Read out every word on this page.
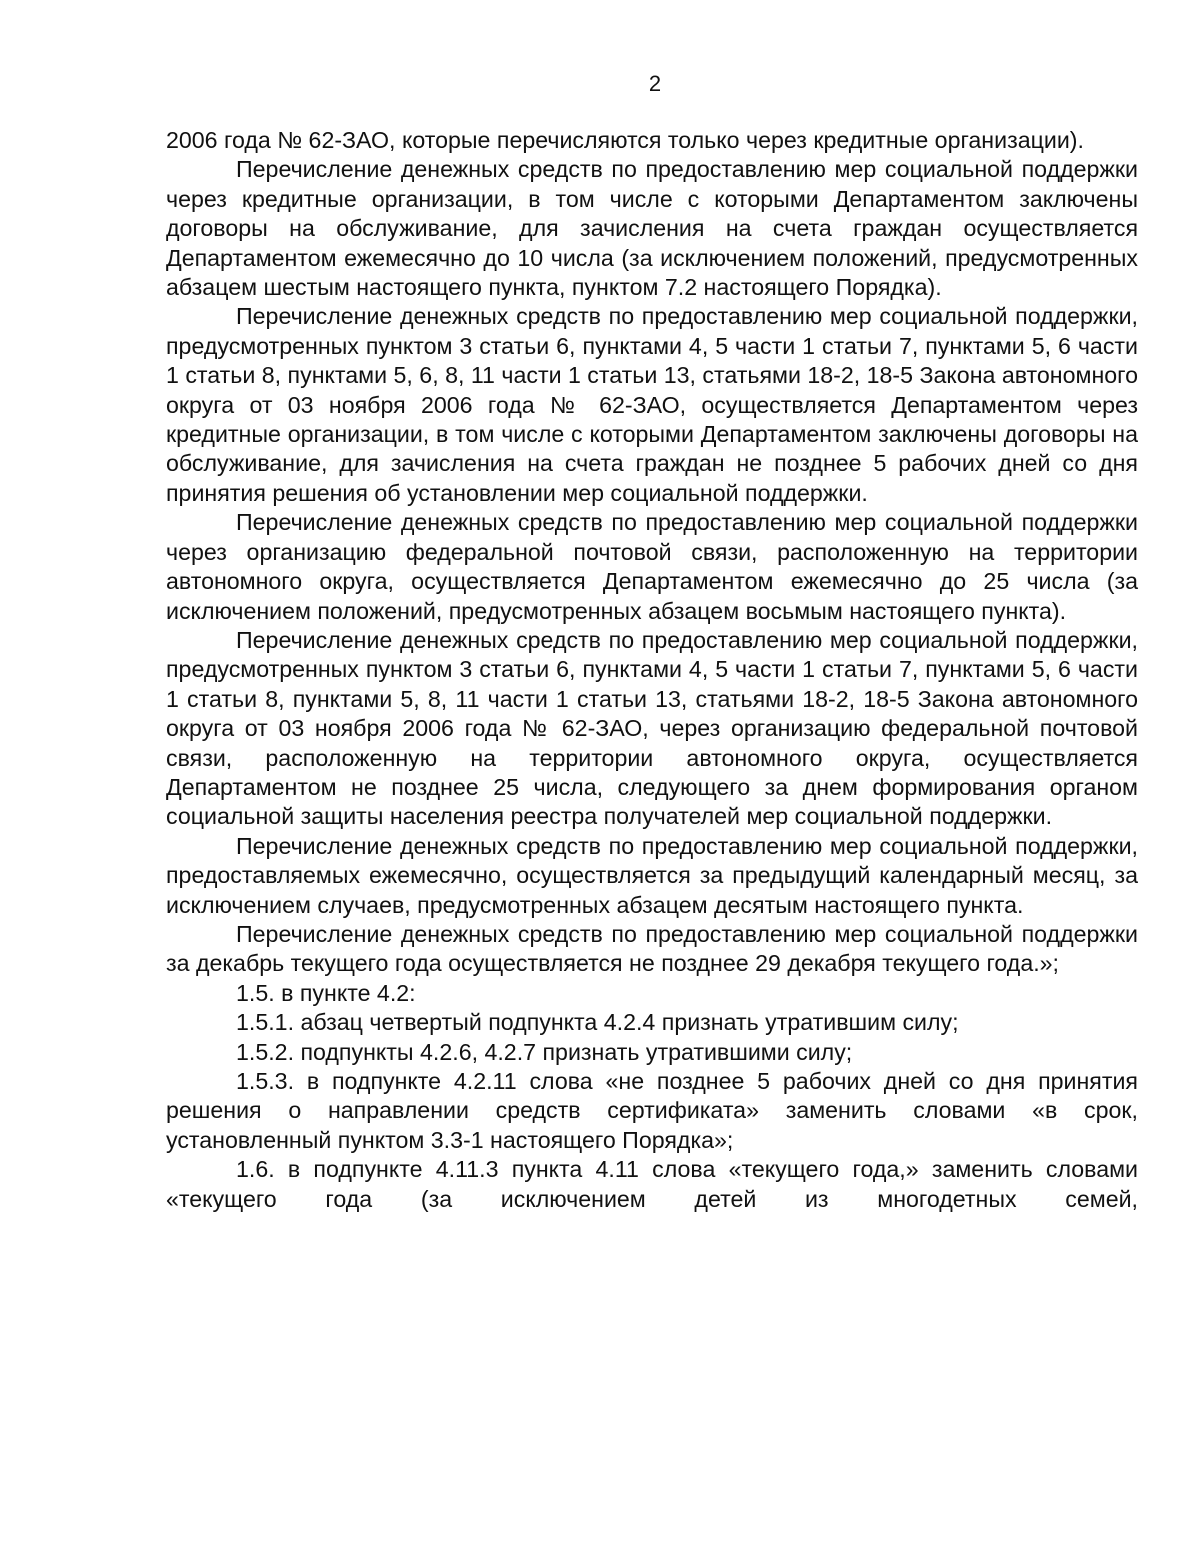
2

2006 года № 62-ЗАО, которые перечисляются только через кредитные организации).

Перечисление денежных средств по предоставлению мер социальной поддержки через кредитные организации, в том числе с которыми Департаментом заключены договоры на обслуживание, для зачисления на счета граждан осуществляется Департаментом ежемесячно до 10 числа (за исключением положений, предусмотренных абзацем шестым настоящего пункта, пунктом 7.2 настоящего Порядка).

Перечисление денежных средств по предоставлению мер социальной поддержки, предусмотренных пунктом 3 статьи 6, пунктами 4, 5 части 1 статьи 7, пунктами 5, 6 части 1 статьи 8, пунктами 5, 6, 8, 11 части 1 статьи 13, статьями 18-2, 18-5 Закона автономного округа от 03 ноября 2006 года № 62-ЗАО, осуществляется Департаментом через кредитные организации, в том числе с которыми Департаментом заключены договоры на обслуживание, для зачисления на счета граждан не позднее 5 рабочих дней со дня принятия решения об установлении мер социальной поддержки.

Перечисление денежных средств по предоставлению мер социальной поддержки через организацию федеральной почтовой связи, расположенную на территории автономного округа, осуществляется Департаментом ежемесячно до 25 числа (за исключением положений, предусмотренных абзацем восьмым настоящего пункта).

Перечисление денежных средств по предоставлению мер социальной поддержки, предусмотренных пунктом 3 статьи 6, пунктами 4, 5 части 1 статьи 7, пунктами 5, 6 части 1 статьи 8, пунктами 5, 8, 11 части 1 статьи 13, статьями 18-2, 18-5 Закона автономного округа от 03 ноября 2006 года № 62-ЗАО, через организацию федеральной почтовой связи, расположенную на территории автономного округа, осуществляется Департаментом не позднее 25 числа, следующего за днем формирования органом социальной защиты населения реестра получателей мер социальной поддержки.

Перечисление денежных средств по предоставлению мер социальной поддержки, предоставляемых ежемесячно, осуществляется за предыдущий календарный месяц, за исключением случаев, предусмотренных абзацем десятым настоящего пункта.

Перечисление денежных средств по предоставлению мер социальной поддержки за декабрь текущего года осуществляется не позднее 29 декабря текущего года.»;

1.5. в пункте 4.2:

1.5.1. абзац четвертый подпункта 4.2.4 признать утратившим силу;

1.5.2. подпункты 4.2.6, 4.2.7 признать утратившими силу;

1.5.3. в подпункте 4.2.11 слова «не позднее 5 рабочих дней со дня принятия решения о направлении средств сертификата» заменить словами «в срок, установленный пунктом 3.3-1 настоящего Порядка»;

1.6. в подпункте 4.11.3 пункта 4.11 слова «текущего года,» заменить словами «текущего года (за исключением детей из многодетных семей,
